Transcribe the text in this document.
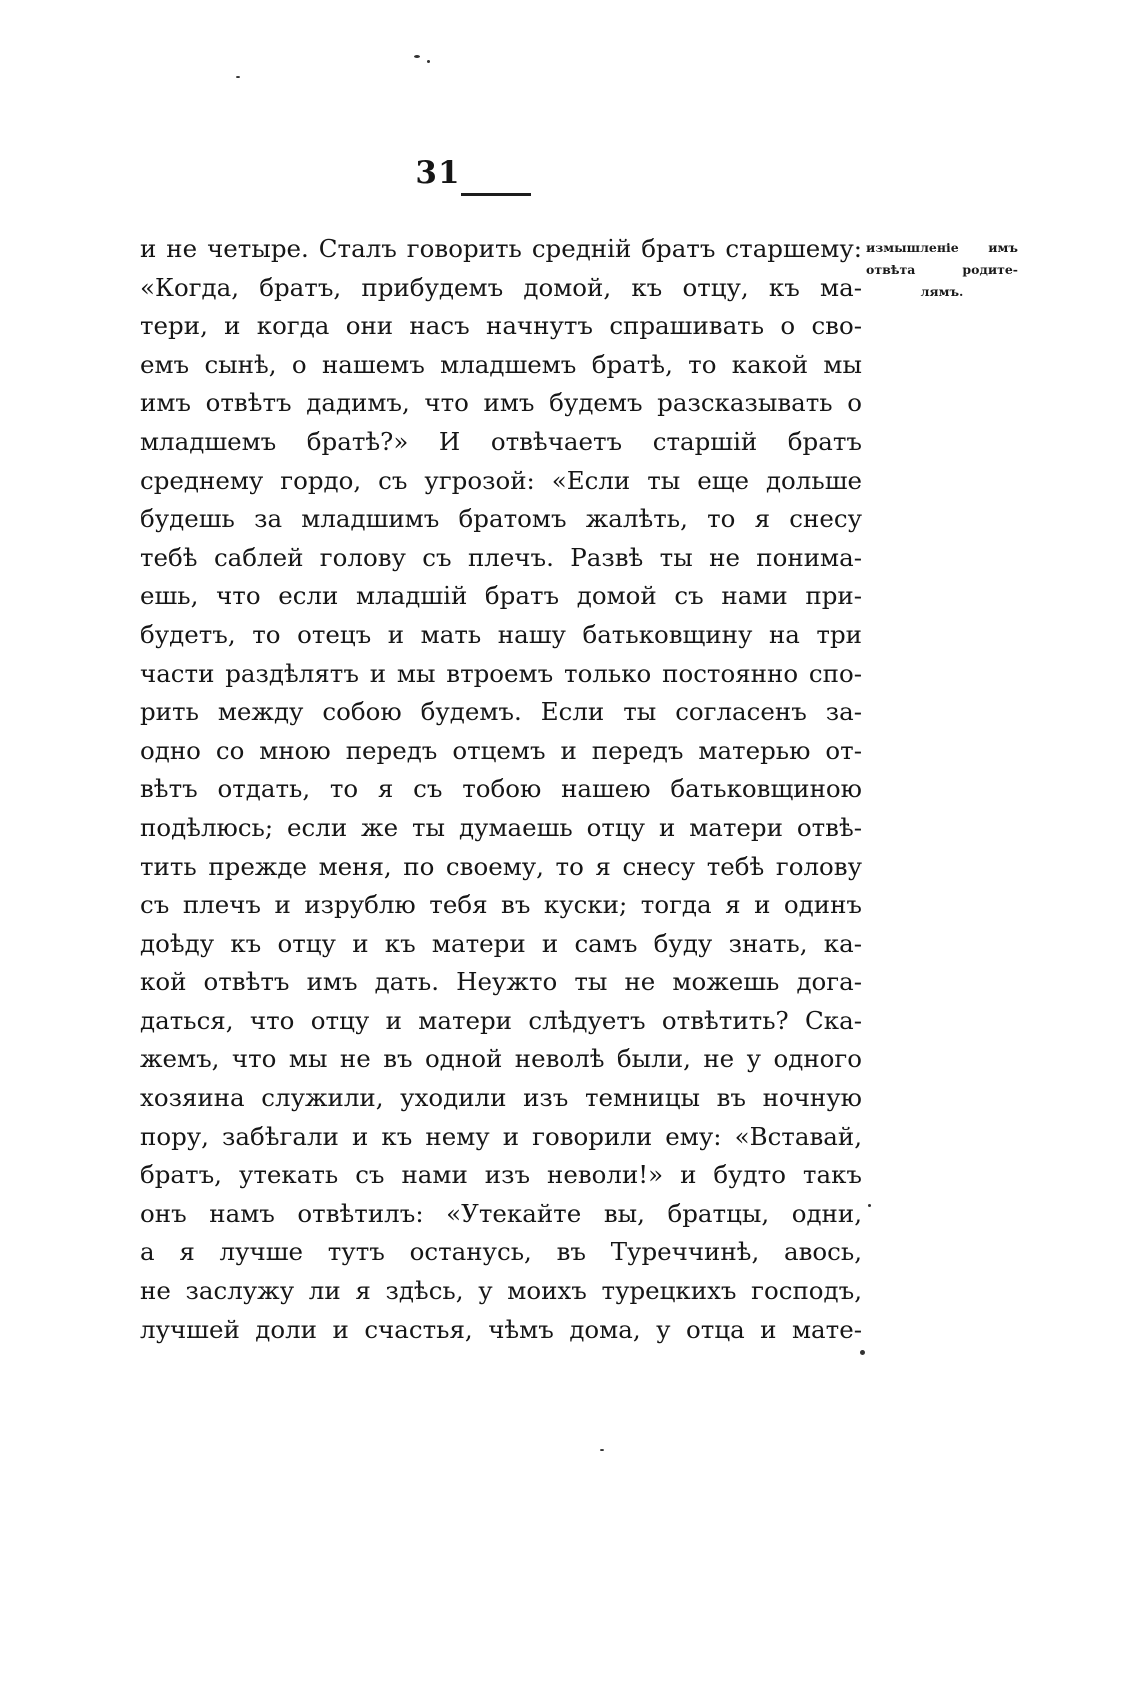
31
и не четыре. Сталъ говорить среднiй братъ старшему:
«Когда, братъ, прибудемъ домой, къ отцу, къ ма-
тери, и когда они насъ начнутъ спрашивать о сво-
емъ сынѣ, о нашемъ младшемъ братѣ, то какой мы
имъ отвѣтъ дадимъ, что имъ будемъ разсказывать о
младшемъ братѣ?» И отвѣчаетъ старшiй братъ
среднему гордо, съ угрозой: «Если ты еще дольше
будешь за младшимъ братомъ жалѣть, то я снесу
тебѣ саблей голову съ плечъ. Развѣ ты не понима-
ешь, что если младшiй братъ домой съ нами при-
будетъ, то отецъ и мать нашу батьковщину на три
части раздѣлятъ и мы втроемъ только постоянно спо-
рить между собою будемъ. Если ты согласенъ за-
одно со мною передъ отцемъ и передъ матерью от-
вѣтъ отдать, то я съ тобою нашею батьковщиною
подѣлюсь; если же ты думаешь отцу и матери отвѣ-
тить прежде меня, по своему, то я снесу тебѣ голову
съ плечъ и изрублю тебя въ куски; тогда я и одинъ
доѣду къ отцу и къ матери и самъ буду знать, ка-
кой отвѣтъ имъ дать. Неужто ты не можешь дога-
даться, что отцу и матери слѣдуетъ отвѣтить? Ска-
жемъ, что мы не въ одной неволѣ были, не у одного
хозяина служили, уходили изъ темницы въ ночную
пору, забѣгали и къ нему и говорили ему: «Вставай,
братъ, утекать съ нами изъ неволи!» и будто такъ
онъ намъ отвѣтилъ: «Утекайте вы, братцы, одни,
а я лучше тутъ останусь, въ Туреччинѣ, авось,
не заслужу ли я здѣсь, у моихъ турецкихъ господъ,
лучшей доли и счастья, чѣмъ дома, у отца и мате-
измышленіе имъ
отвѣта родите-
лямъ.
